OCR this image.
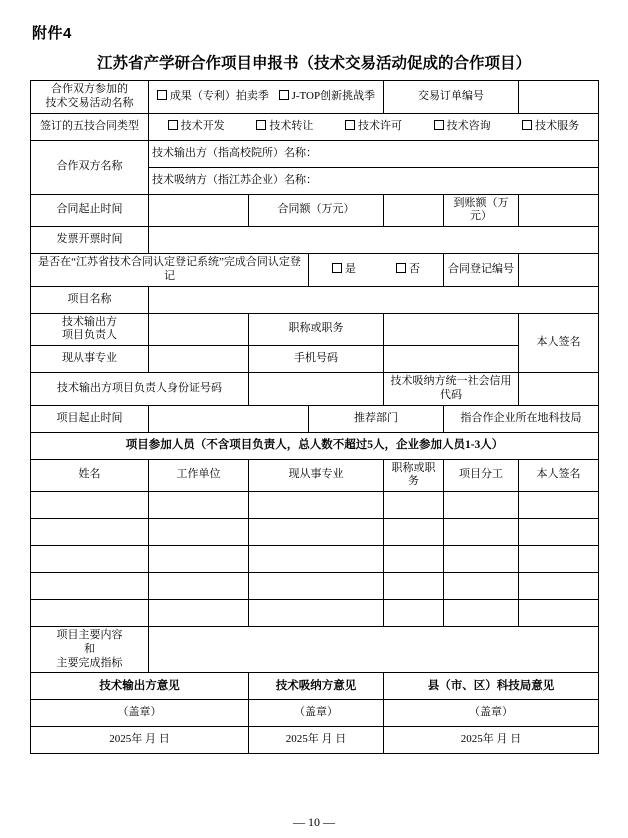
附件4
江苏省产学研合作项目申报书（技术交易活动促成的合作项目）
合作双方参加的
技术交易活动名称	成果（专利）拍卖季 J-TOP创新挑战季			交易订单编号		
签订的五技合同类型	技术开发 技术转让 技术许可 技术咨询 技术服务					

合作双方名称	技术输出方（指高校院所）名称：					
	技术吸纳方（指江苏企业）名称：					
合同起止时间		合同额（万元）			到账额（万元）	
发票开票时间						
是否在“江苏省技术合同认定登记系统”完成合同认定登记			是 否		合同登记编号	
项目名称						
技术输出方
项目负责人		职称或职务				本人签名
现从事专业		手机号码				
技术输出方项目负责人身份证号码				技术吸纳方统一社会信用代码		
项目起止时间			推荐部门		指合作企业所在地科技局	
项目参加人员（不含项目负责人，总人数不超过5人，企业参加人员1-3人）						
姓名	工作单位	现从事专业		职称或职务	项目分工	本人签名

项目主要内容
和
主要完成指标						
技术输出方意见		技术吸纳方意见		县（市、区）科技局意见		
（盖章）		（盖章）		（盖章）		
2025年 月 日		2025年 月 日		2025年 月 日		
— 10 —
